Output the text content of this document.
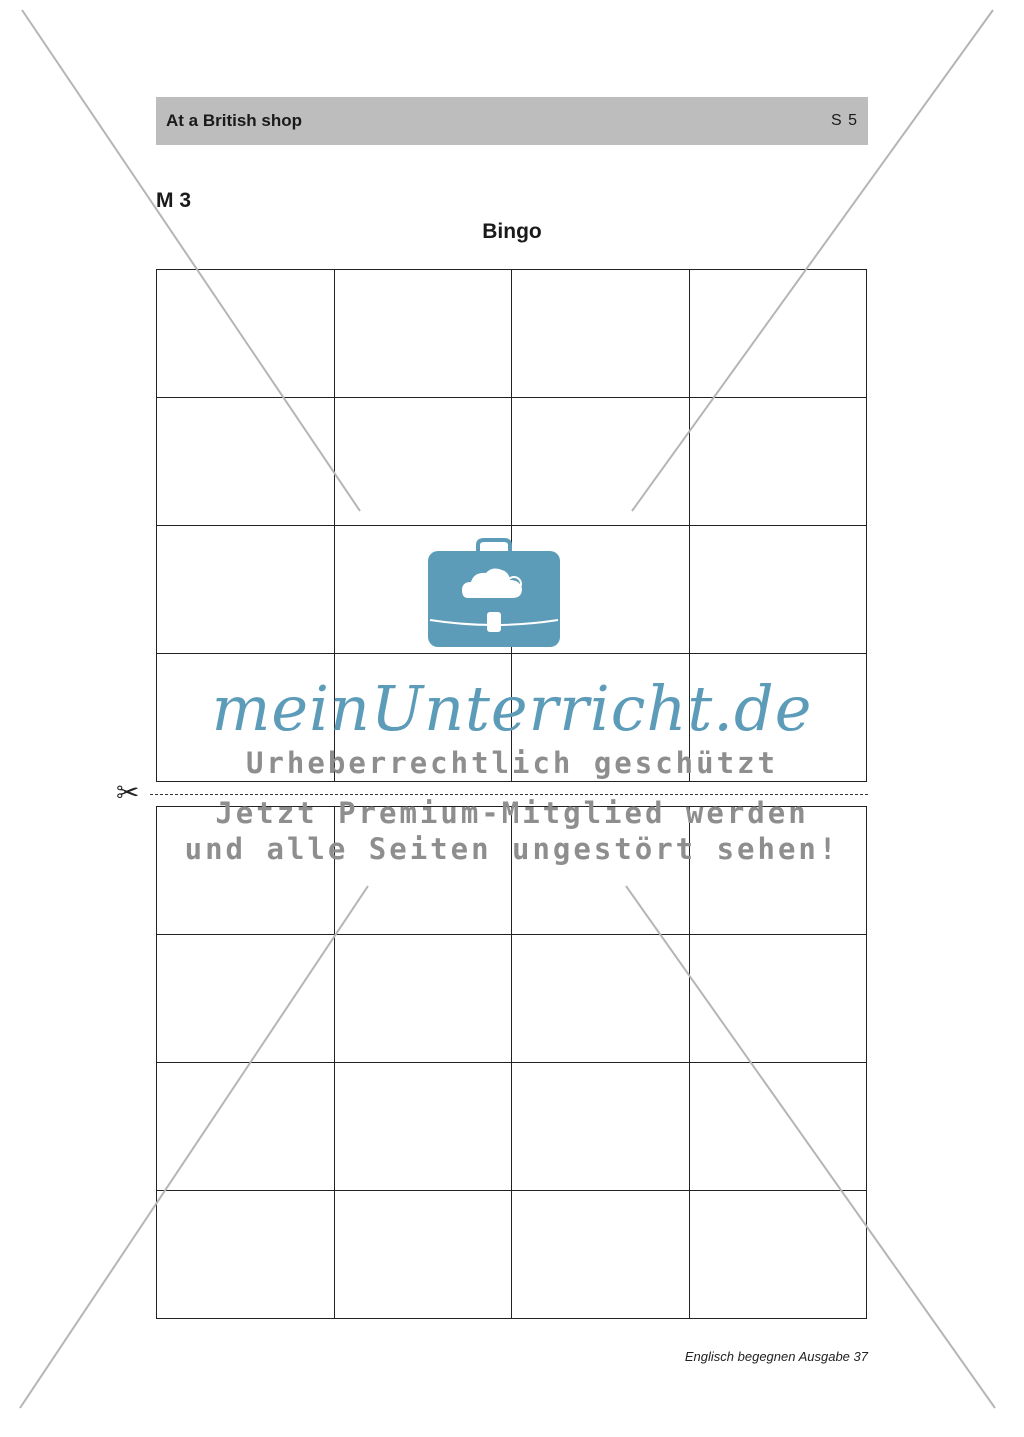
At a British shop	S 5
M 3
Bingo
✂
meinUnterricht.de
Urheberrechtlich geschützt
Jetzt Premium-Mitglied werden
und alle Seiten ungestört sehen!
Englisch begegnen Ausgabe 37
